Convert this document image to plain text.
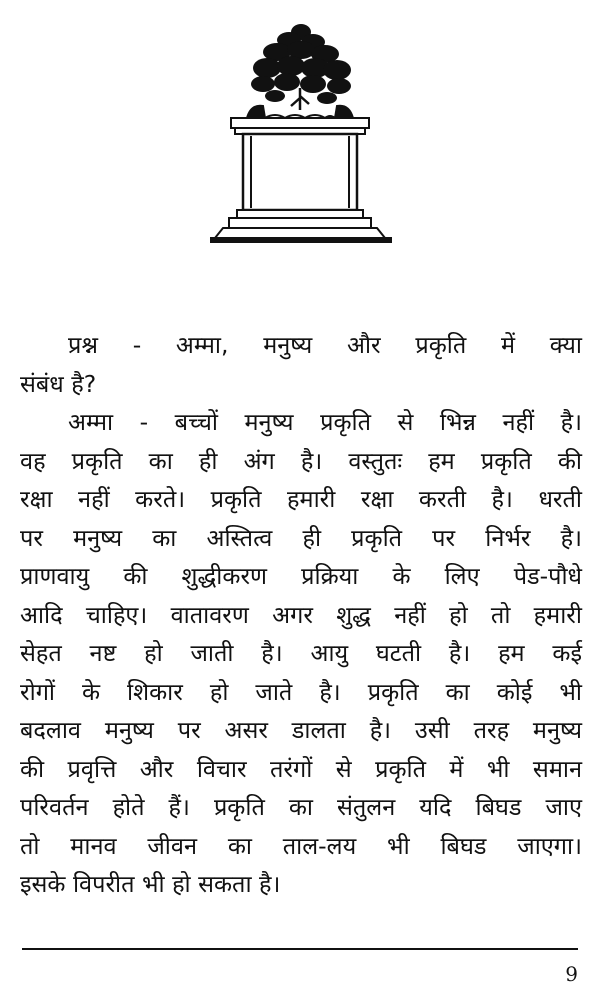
प्रश्न - अम्मा, मनुष्य और प्रकृति में क्या
संबंध है?

अम्मा - बच्चों मनुष्य प्रकृति से भिन्न नहीं है।
वह प्रकृति का ही अंग है। वस्तुतः हम प्रकृति की
रक्षा नहीं करते। प्रकृति हमारी रक्षा करती है। धरती
पर मनुष्य का अस्तित्व ही प्रकृति पर निर्भर है।
प्राणवायु की शुद्धीकरण प्रक्रिया के लिए पेड-पौधे
आदि चाहिए। वातावरण अगर शुद्ध नहीं हो तो हमारी
सेहत नष्ट हो जाती है। आयु घटती है। हम कई
रोगों के शिकार हो जाते है। प्रकृति का कोई भी
बदलाव मनुष्य पर असर डालता है। उसी तरह मनुष्य
की प्रवृत्ति और विचार तरंगों से प्रकृति में भी समान
परिवर्तन होते हैं। प्रकृति का संतुलन यदि बिघड जाए
तो मानव जीवन का ताल-लय भी बिघड जाएगा।
इसके विपरीत भी हो सकता है।

9
